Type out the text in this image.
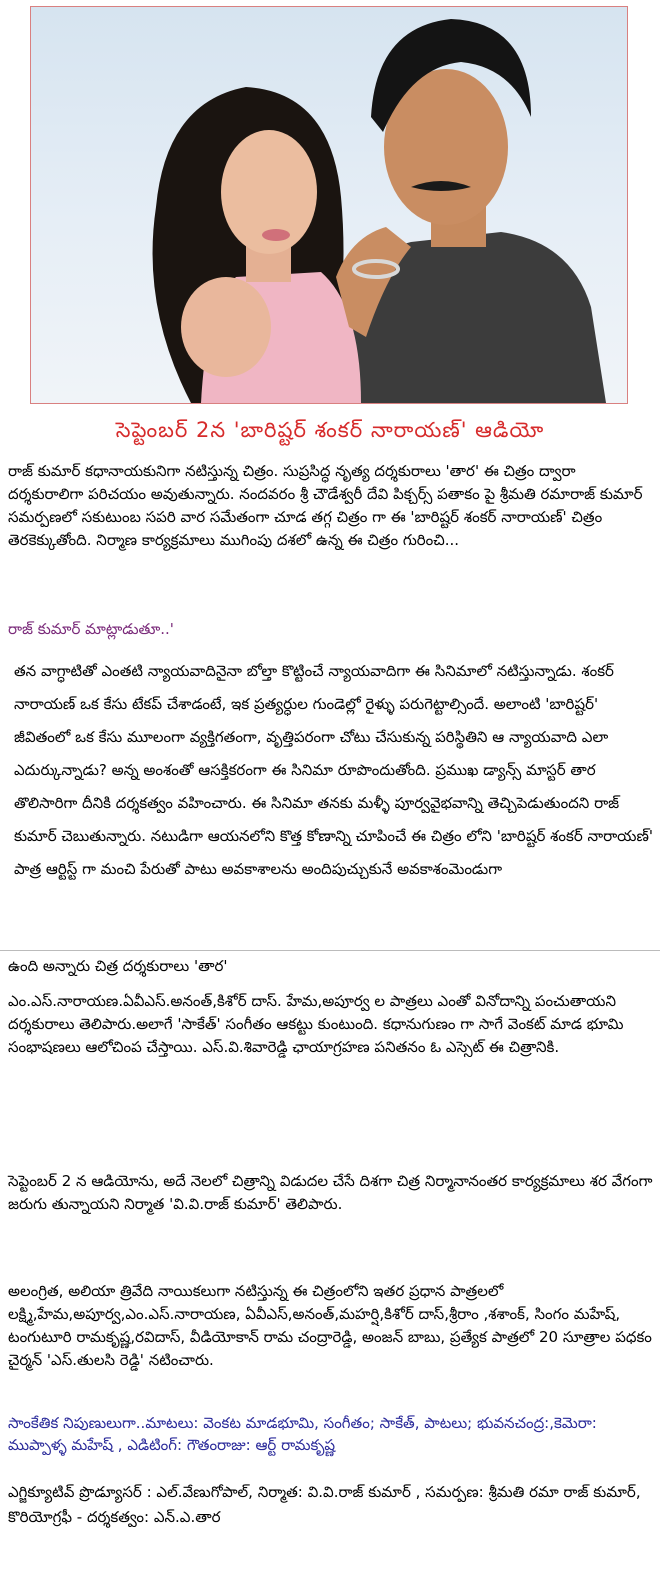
సెప్టెంబర్ 2న 'బారిష్టర్ శంకర్ నారాయణ్' ఆడియో

రాజ్ కుమార్ కధానాయకునిగా నటిస్తున్న చిత్రం. సుప్రసిద్ధ నృత్య దర్శకురాలు 'తార' ఈ చిత్రం ద్వారా దర్శకురాలిగా పరిచయం అవుతున్నారు. నందవరం శ్రీ చౌడేశ్వరీ దేవి పిక్చర్స్ పతాకం పై శ్రీమతి రమారాజ్ కుమార్ సమర్పణలో సకుటుంబ సపరి వార సమేతంగా చూడ తగ్గ చిత్రం గా ఈ 'బారిష్టర్ శంకర్ నారాయణ్' చిత్రం తెరకెక్కుతోంది. నిర్మాణ కార్యక్రమాలు ముగింపు దశలో ఉన్న ఈ చిత్రం గురించి...

రాజ్ కుమార్ మాట్లాడుతూ..'

తన వాగ్ధాటితో ఎంతటి న్యాయవాదినైనా బోల్తా కొట్టించే న్యాయవాదిగా ఈ సినిమాలో నటిస్తున్నాడు. శంకర్ నారాయణ్ ఒక కేసు టేకప్ చేశాడంటే, ఇక ప్రత్యర్ధుల గుండెల్లో రైళ్ళు పరుగెట్టాల్సిందే. అలాంటి 'బారిష్టర్' జీవితంలో ఒక కేసు మూలంగా వ్యక్తిగతంగా, వృత్తిపరంగా చోటు చేసుకున్న పరిస్థితిని ఆ న్యాయవాది ఎలా ఎదుర్కున్నాడు? అన్న అంశంతో ఆసక్తికరంగా ఈ సినిమా రూపొందుతోంది. ప్రముఖ డ్యాన్స్ మాస్టర్ తార తొలిసారిగా దీనికి దర్శకత్వం వహించారు. ఈ సినిమా తనకు మళ్ళీ పూర్వవైభవాన్ని తెచ్చిపెడుతుందని రాజ్ కుమార్ చెబుతున్నారు. నటుడిగా ఆయనలోని కొత్త కోణాన్ని చూపించే ఈ చిత్రం లోని 'బారిష్టర్ శంకర్ నారాయణ్' పాత్ర ఆర్టిస్ట్ గా మంచి పేరుతో పాటు అవకాశాలను అందిపుచ్చుకునే అవకాశంమెండుగా

ఉంది అన్నారు చిత్ర దర్శకురాలు 'తార'

ఎం.ఎస్.నారాయణ.ఏవీఎస్.అనంత్,కిశోర్ దాస్. హేమ,అపూర్వ ల పాత్రలు ఎంతో వినోదాన్ని పంచుతాయని దర్శకురాలు తెలిపారు.అలాగే 'సాకేత్' సంగీతం ఆకట్టు కుంటుంది. కధానుగుణం గా సాగే వెంకట్ మాడ భూమి సంభాషణలు ఆలోచింప చేస్తాయి. ఎస్.వి.శివారెడ్డి ఛాయాగ్రహణ పనితనం ఓ ఎస్సెట్ ఈ చిత్రానికి.

సెప్టెంబర్ 2 న ఆడియోను, అదే నెలలో చిత్రాన్ని విడుదల చేసే దిశగా చిత్ర నిర్మానానంతర కార్యక్రమాలు శర వేగంగా జరుగు తున్నాయని నిర్మాత 'వి.వి.రాజ్ కుమార్' తెలిపారు.

అలంగ్రిత, అలియా త్రివేది నాయికలుగా నటిస్తున్న ఈ చిత్రంలోని ఇతర ప్రధాన పాత్రలలో లక్ష్మి,హేమ,అపూర్వ,ఎం.ఎస్.నారాయణ, ఏవీఎస్,అనంత్,మహర్షి,కిశోర్ దాస్,శ్రీరాం ,శశాంక్, సింగం మహేష్, టంగుటూరి రామకృష్ణ,రవిదాస్, వీడియోకాన్ రామ చంద్రారెడ్డి, అంజన్ బాబు, ప్రత్యేక పాత్రలో 20 సూత్రాల పధకం చైర్మన్ 'ఎస్.తులసి రెడ్డి' నటించారు.

సాంకేతిక నిపుణులుగా..మాటలు: వెంకట మాడభూమి, సంగీతం; సాకేత్, పాటలు; భువనచంద్ర:,కెమెరా: ముప్పాళ్ళ మహేష్ , ఎడిటింగ్: గౌతంరాజు: ఆర్ట్ రామకృష్ణ

ఎగ్జిక్యూటివ్ ప్రొడ్యూసర్ : ఎల్.వేణుగోపాల్, నిర్మాత: వి.వి.రాజ్ కుమార్ , సమర్పణ: శ్రీమతి రమా రాజ్ కుమార్, కొరియోగ్రఫీ - దర్శకత్వం: ఎన్.ఎ.తార
